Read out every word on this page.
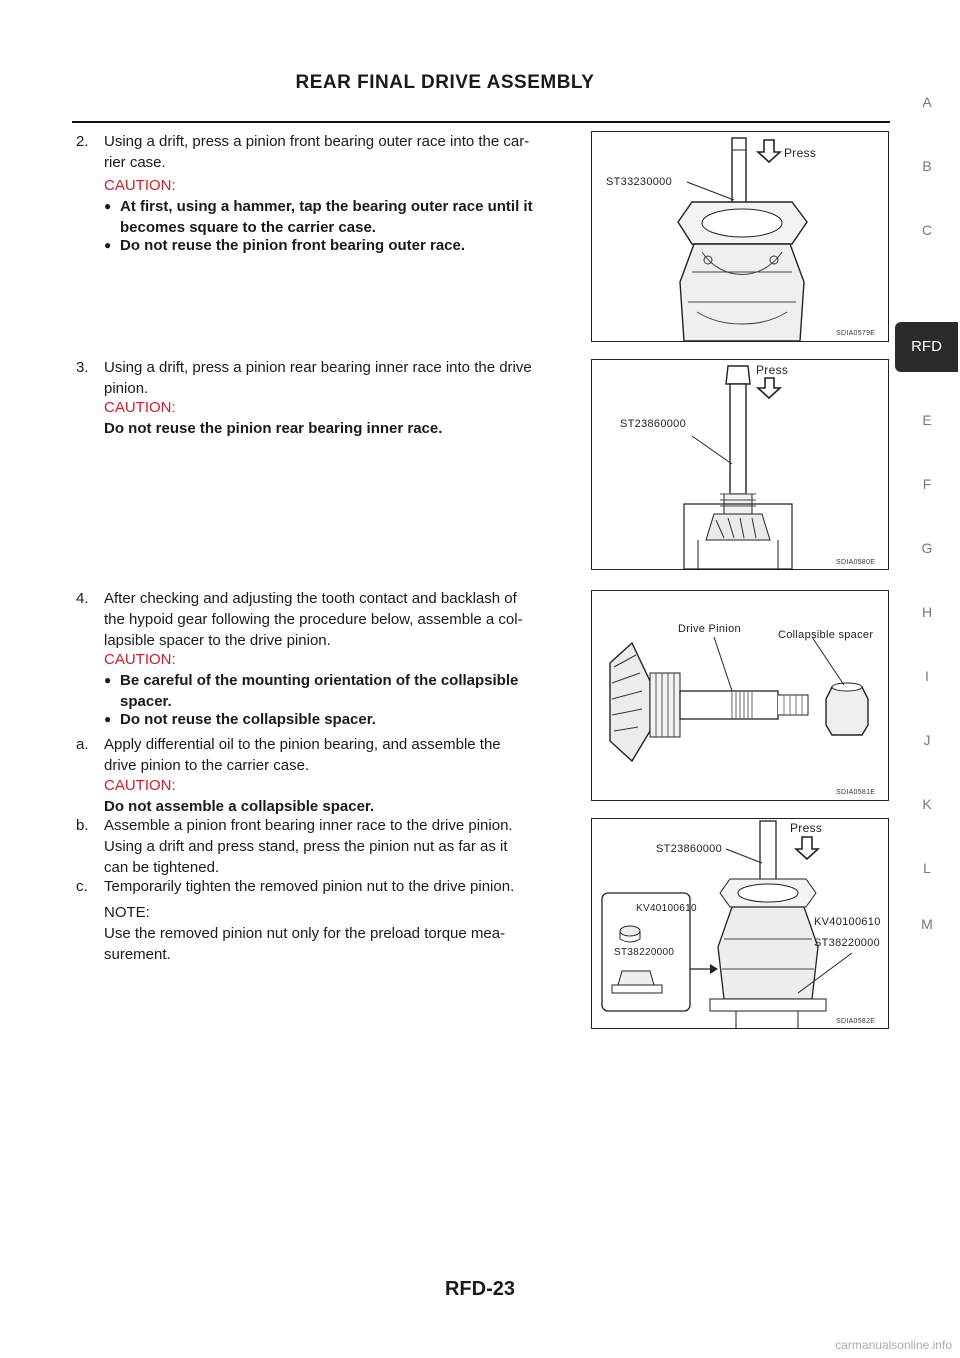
REAR FINAL DRIVE ASSEMBLY
A
B
C
RFD
E
F
G
H
I
J
K
L
M
2. Using a drift, press a pinion front bearing outer race into the car-
rier case.
CAUTION:
● At first, using a hammer, tap the bearing outer race until it
becomes square to the carrier case.
● Do not reuse the pinion front bearing outer race.
ST33230000
Press
SDIA0579E
3. Using a drift, press a pinion rear bearing inner race into the drive
pinion.
CAUTION:
Do not reuse the pinion rear bearing inner race.	ST23860000
Press
SDIA0580E
4. After checking and adjusting the tooth contact and backlash of
the hypoid gear following the procedure below, assemble a col-
lapsible spacer to the drive pinion.
CAUTION:
● Be careful of the mounting orientation of the collapsible
spacer.
● Do not reuse the collapsible spacer.
a. Apply differential oil to the pinion bearing, and assemble the
drive pinion to the carrier case.
CAUTION:
Do not assemble a collapsible spacer.
Drive Pinion	Collapsible spacer
SDIA0581E
b. Assemble a pinion front bearing inner race to the drive pinion.
Using a drift and press stand, press the pinion nut as far as it
can be tightened.
c. Temporarily tighten the removed pinion nut to the drive pinion.
NOTE:
Use the removed pinion nut only for the preload torque mea-
surement.
ST23860000
Press
KV40100610
ST38220000
KV40100610
ST38220000
SDIA0582E
RFD-23
carmanualsonline.info
